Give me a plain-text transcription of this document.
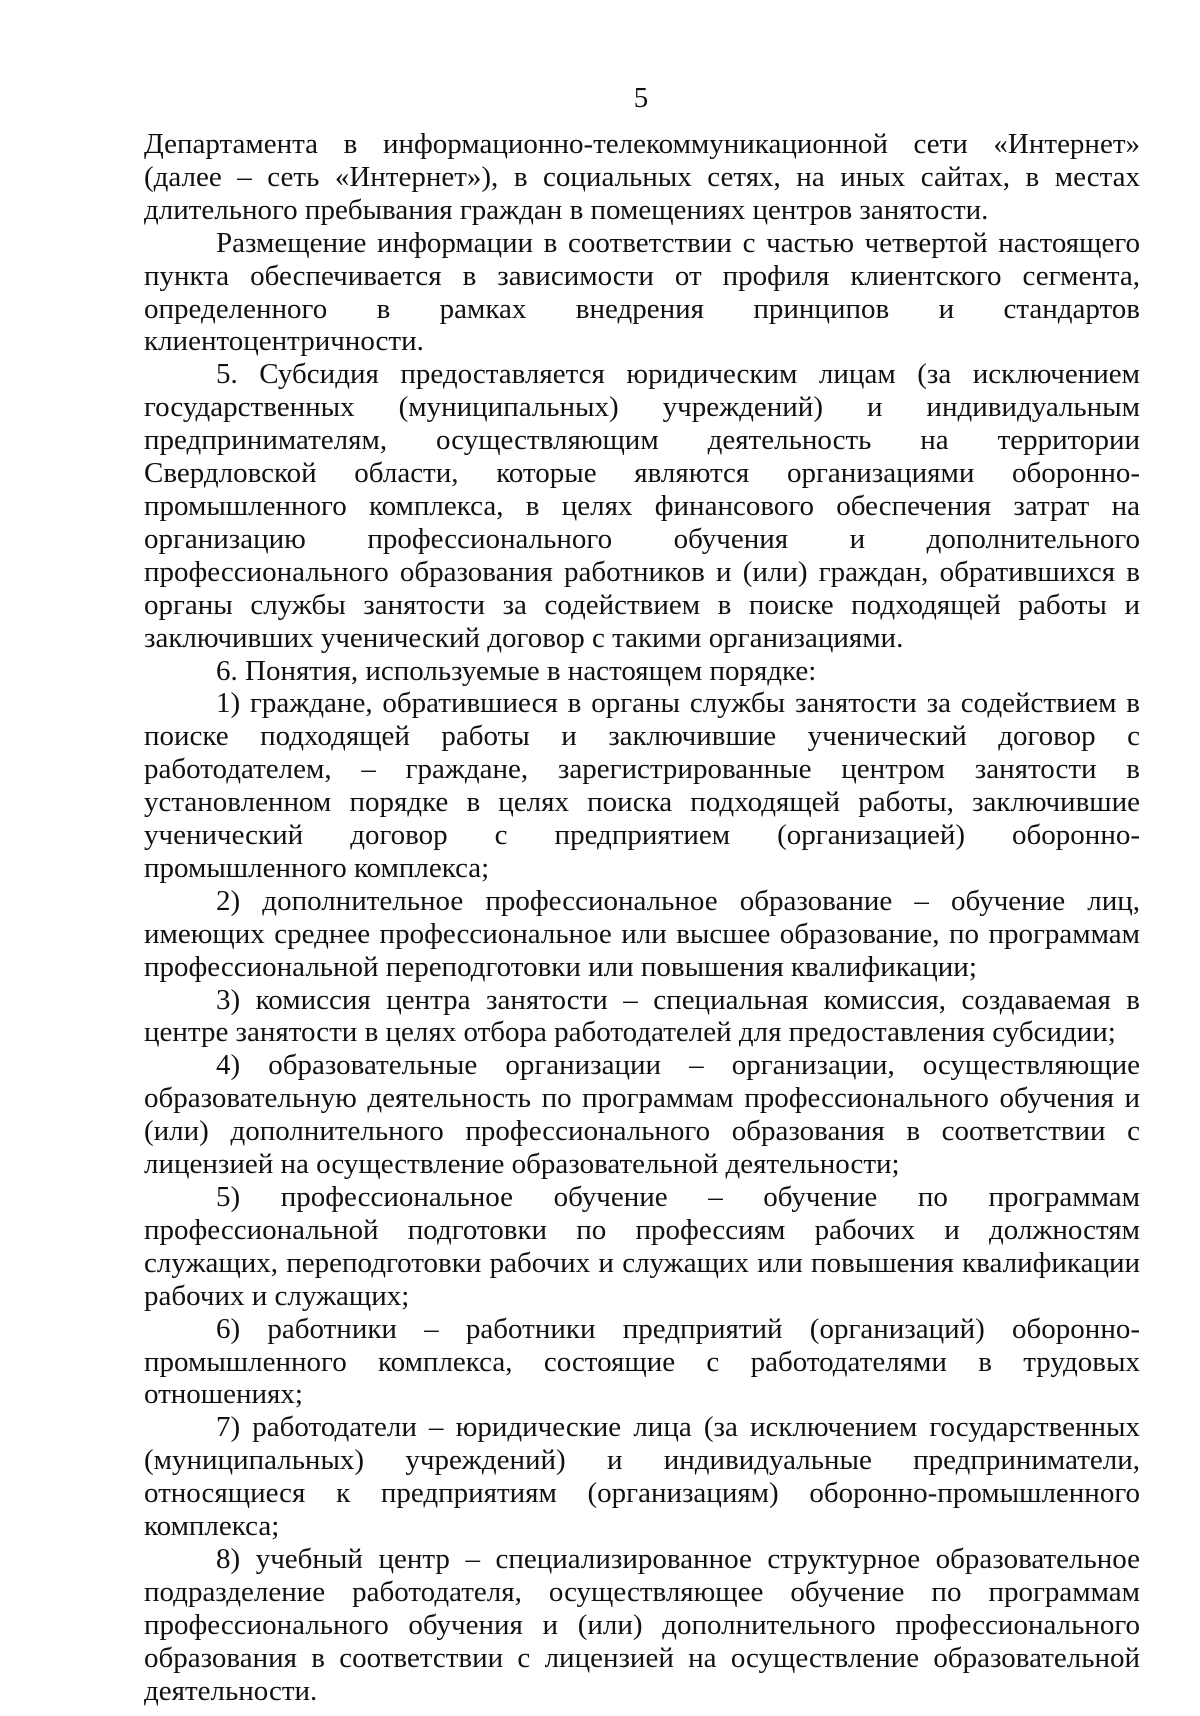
5

Департамента в информационно-телекоммуникационной сети «Интернет» (далее – сеть «Интернет»), в социальных сетях, на иных сайтах, в местах длительного пребывания граждан в помещениях центров занятости.

Размещение информации в соответствии с частью четвертой настоящего пункта обеспечивается в зависимости от профиля клиентского сегмента, определенного в рамках внедрения принципов и стандартов клиентоцентричности.

5. Субсидия предоставляется юридическим лицам (за исключением государственных (муниципальных) учреждений) и индивидуальным предпринимателям, осуществляющим деятельность на территории Свердловской области, которые являются организациями оборонно-промышленного комплекса, в целях финансового обеспечения затрат на организацию профессионального обучения и дополнительного профессионального образования работников и (или) граждан, обратившихся в органы службы занятости за содействием в поиске подходящей работы и заключивших ученический договор с такими организациями.

6. Понятия, используемые в настоящем порядке:

1) граждане, обратившиеся в органы службы занятости за содействием в поиске подходящей работы и заключившие ученический договор с работодателем, – граждане, зарегистрированные центром занятости в установленном порядке в целях поиска подходящей работы, заключившие ученический договор с предприятием (организацией) оборонно-промышленного комплекса;

2) дополнительное профессиональное образование – обучение лиц, имеющих среднее профессиональное или высшее образование, по программам профессиональной переподготовки или повышения квалификации;

3) комиссия центра занятости – специальная комиссия, создаваемая в центре занятости в целях отбора работодателей для предоставления субсидии;

4) образовательные организации – организации, осуществляющие образовательную деятельность по программам профессионального обучения и (или) дополнительного профессионального образования в соответствии с лицензией на осуществление образовательной деятельности;

5) профессиональное обучение – обучение по программам профессиональной подготовки по профессиям рабочих и должностям служащих, переподготовки рабочих и служащих или повышения квалификации рабочих и служащих;

6) работники – работники предприятий (организаций) оборонно-промышленного комплекса, состоящие с работодателями в трудовых отношениях;

7) работодатели – юридические лица (за исключением государственных (муниципальных) учреждений) и индивидуальные предприниматели, относящиеся к предприятиям (организациям) оборонно-промышленного комплекса;

8) учебный центр – специализированное структурное образовательное подразделение работодателя, осуществляющее обучение по программам профессионального обучения и (или) дополнительного профессионального образования в соответствии с лицензией на осуществление образовательной деятельности.
